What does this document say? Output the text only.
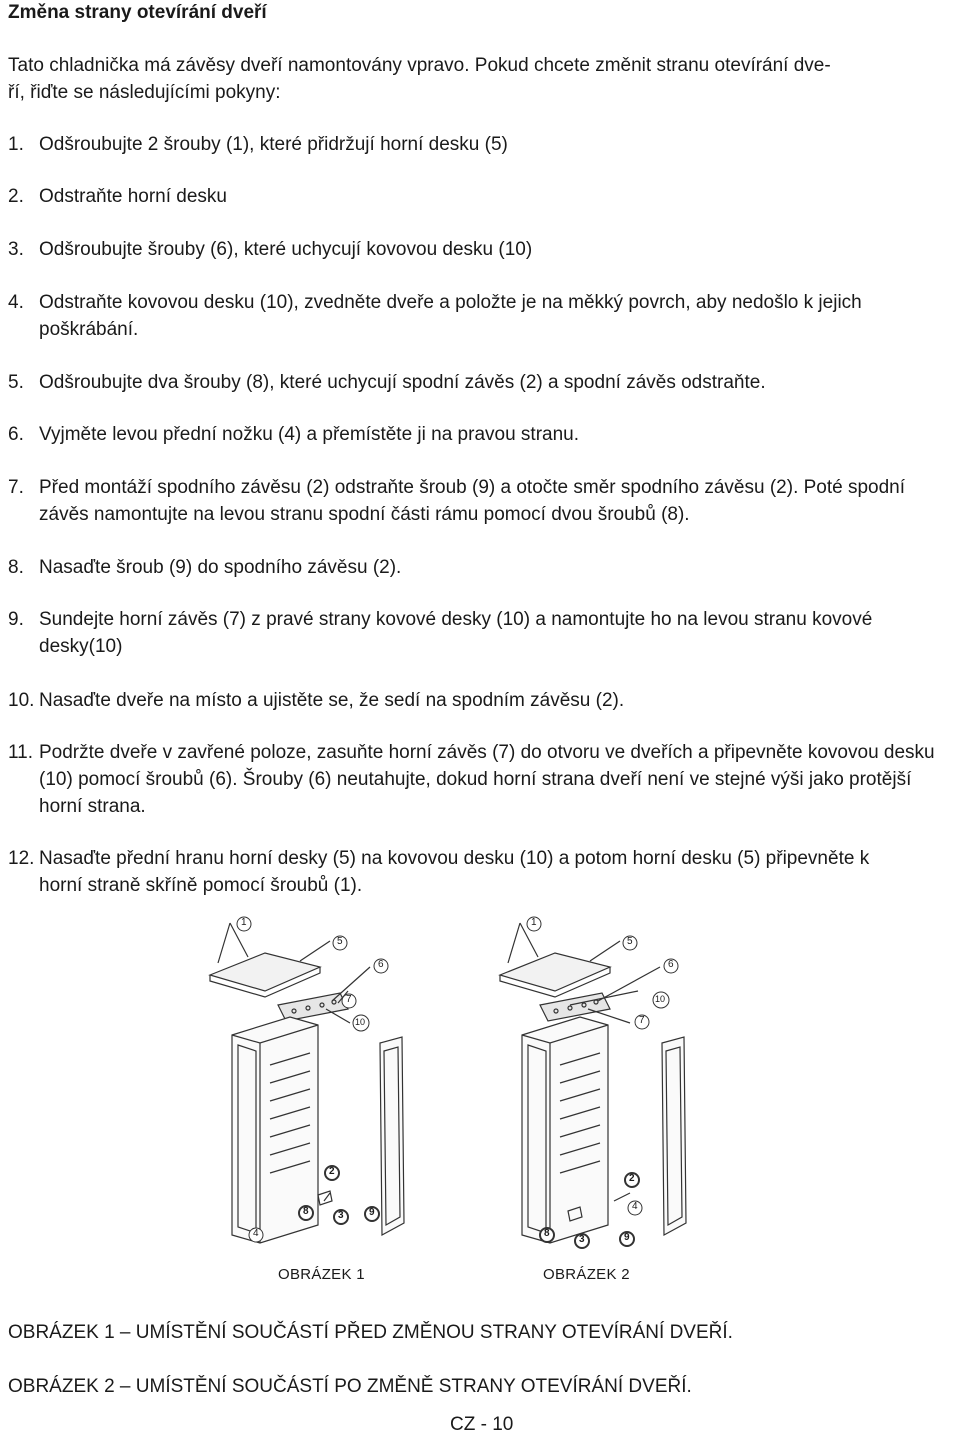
Změna strany otevírání dveří
Tato chladnička má závěsy dveří namontovány vpravo. Pokud chcete změnit stranu otevírání dve-
ří, řiďte se následujícími pokyny:
1. Odšroubujte 2 šrouby (1), které přidržují horní desku (5)
2. Odstraňte horní desku
3. Odšroubujte šrouby (6), které uchycují kovovou desku (10)
4. Odstraňte kovovou desku (10), zvedněte dveře a položte je na měkký povrch, aby nedošlo k jejich poškrábání.
5. Odšroubujte dva šrouby (8), které uchycují spodní závěs (2) a spodní závěs odstraňte.
6. Vyjměte levou přední nožku (4) a přemístěte ji na pravou stranu.
7. Před montáží spodního závěsu (2) odstraňte šroub (9) a otočte směr spodního závěsu (2). Poté spodní závěs namontujte na levou stranu spodní části rámu pomocí dvou šroubů (8).
8. Nasaďte šroub (9) do spodního závěsu (2).
9. Sundejte horní závěs (7) z pravé strany kovové desky (10) a namontujte ho na levou stranu kovové desky(10)
10. Nasaďte dveře na místo a ujistěte se, že sedí na spodním závěsu (2).
11. Podržte dveře v zavřené poloze, zasuňte horní závěs (7) do otvoru ve dveřích a připevněte kovovou desku (10) pomocí šroubů (6). Šrouby (6) neutahujte, dokud horní strana dveří není ve stejné výši jako protější horní strana.
12. Nasaďte přední hranu horní desky (5) na kovovou desku (10) a potom horní desku (5) připevněte k horní straně skříně pomocí šroubů (1).
1
5
6
7
10
2
8	3	9
4
1
5
6
7
10
2
8
3	9
4
OBRÁZEK 1	OBRÁZEK 2
OBRÁZEK 1 – UMÍSTĚNÍ SOUČÁSTÍ PŘED ZMĚNOU STRANY OTEVÍRÁNÍ DVEŘÍ.
OBRÁZEK 2 – UMÍSTĚNÍ SOUČÁSTÍ PO ZMĚNĚ STRANY OTEVÍRÁNÍ DVEŘÍ.
CZ - 10
